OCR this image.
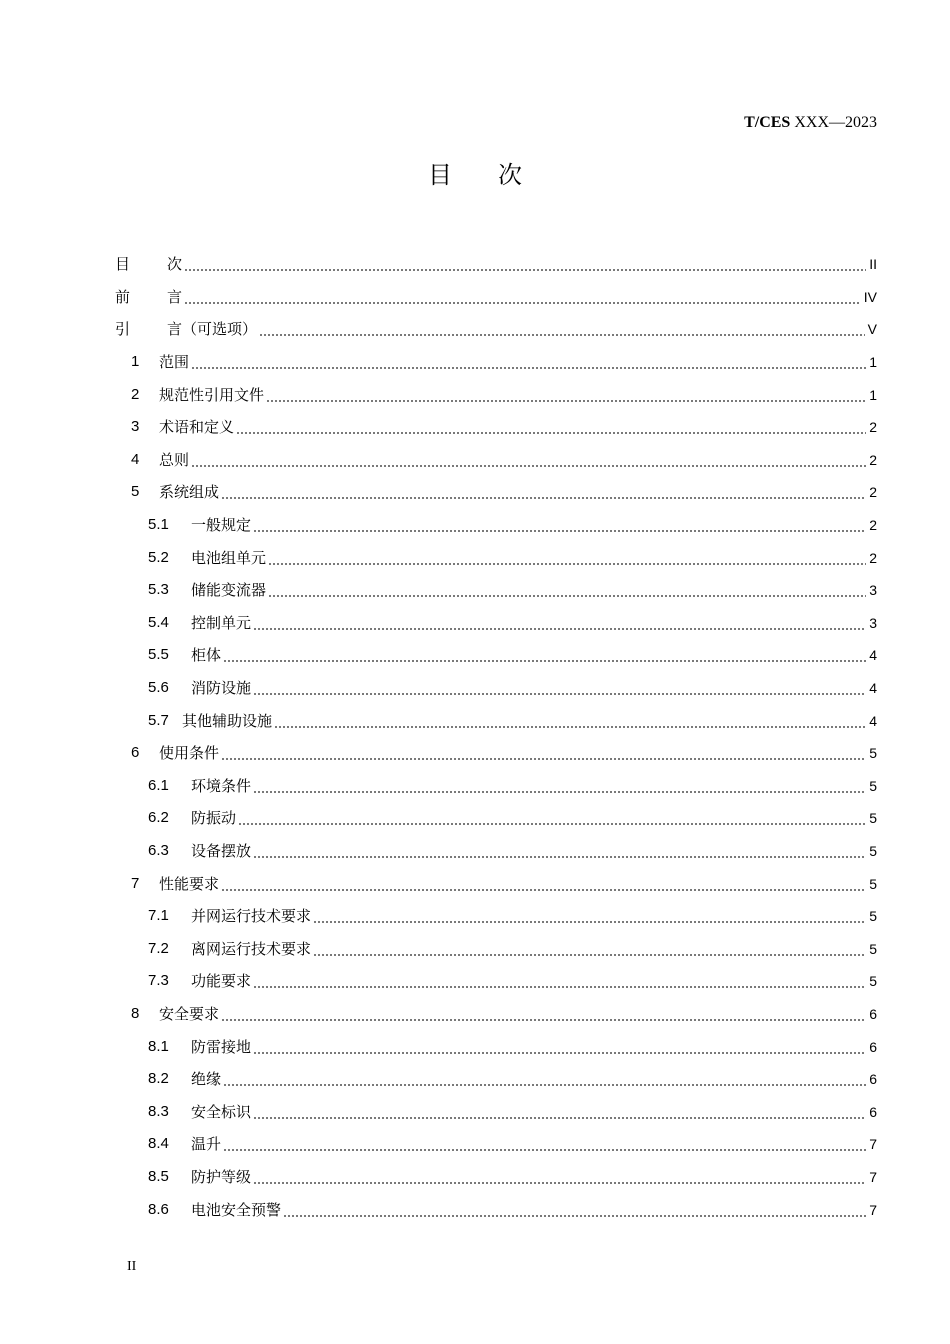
T/CES XXX—2023
目 次
目	次	II
前	言	IV
引	言（可选项）	V
1	范围	1
2	规范性引用文件	1
3	术语和定义	2
4	总则	2
5	系统组成	2
5.1	一般规定	2
5.2	电池组单元	2
5.3	储能变流器	3
5.4	控制单元	3
5.5	柜体	4
5.6	消防设施	4
5.7 其他辅助设施	4
6	使用条件	5
6.1	环境条件	5
6.2	防振动	5
6.3	设备摆放	5
7	性能要求	5
7.1	并网运行技术要求	5
7.2	离网运行技术要求	5
7.3	功能要求	5
8	安全要求	6
8.1	防雷接地	6
8.2	绝缘	6
8.3	安全标识	6
8.4	温升	7
8.5	防护等级	7
8.6	电池安全预警	7
II
